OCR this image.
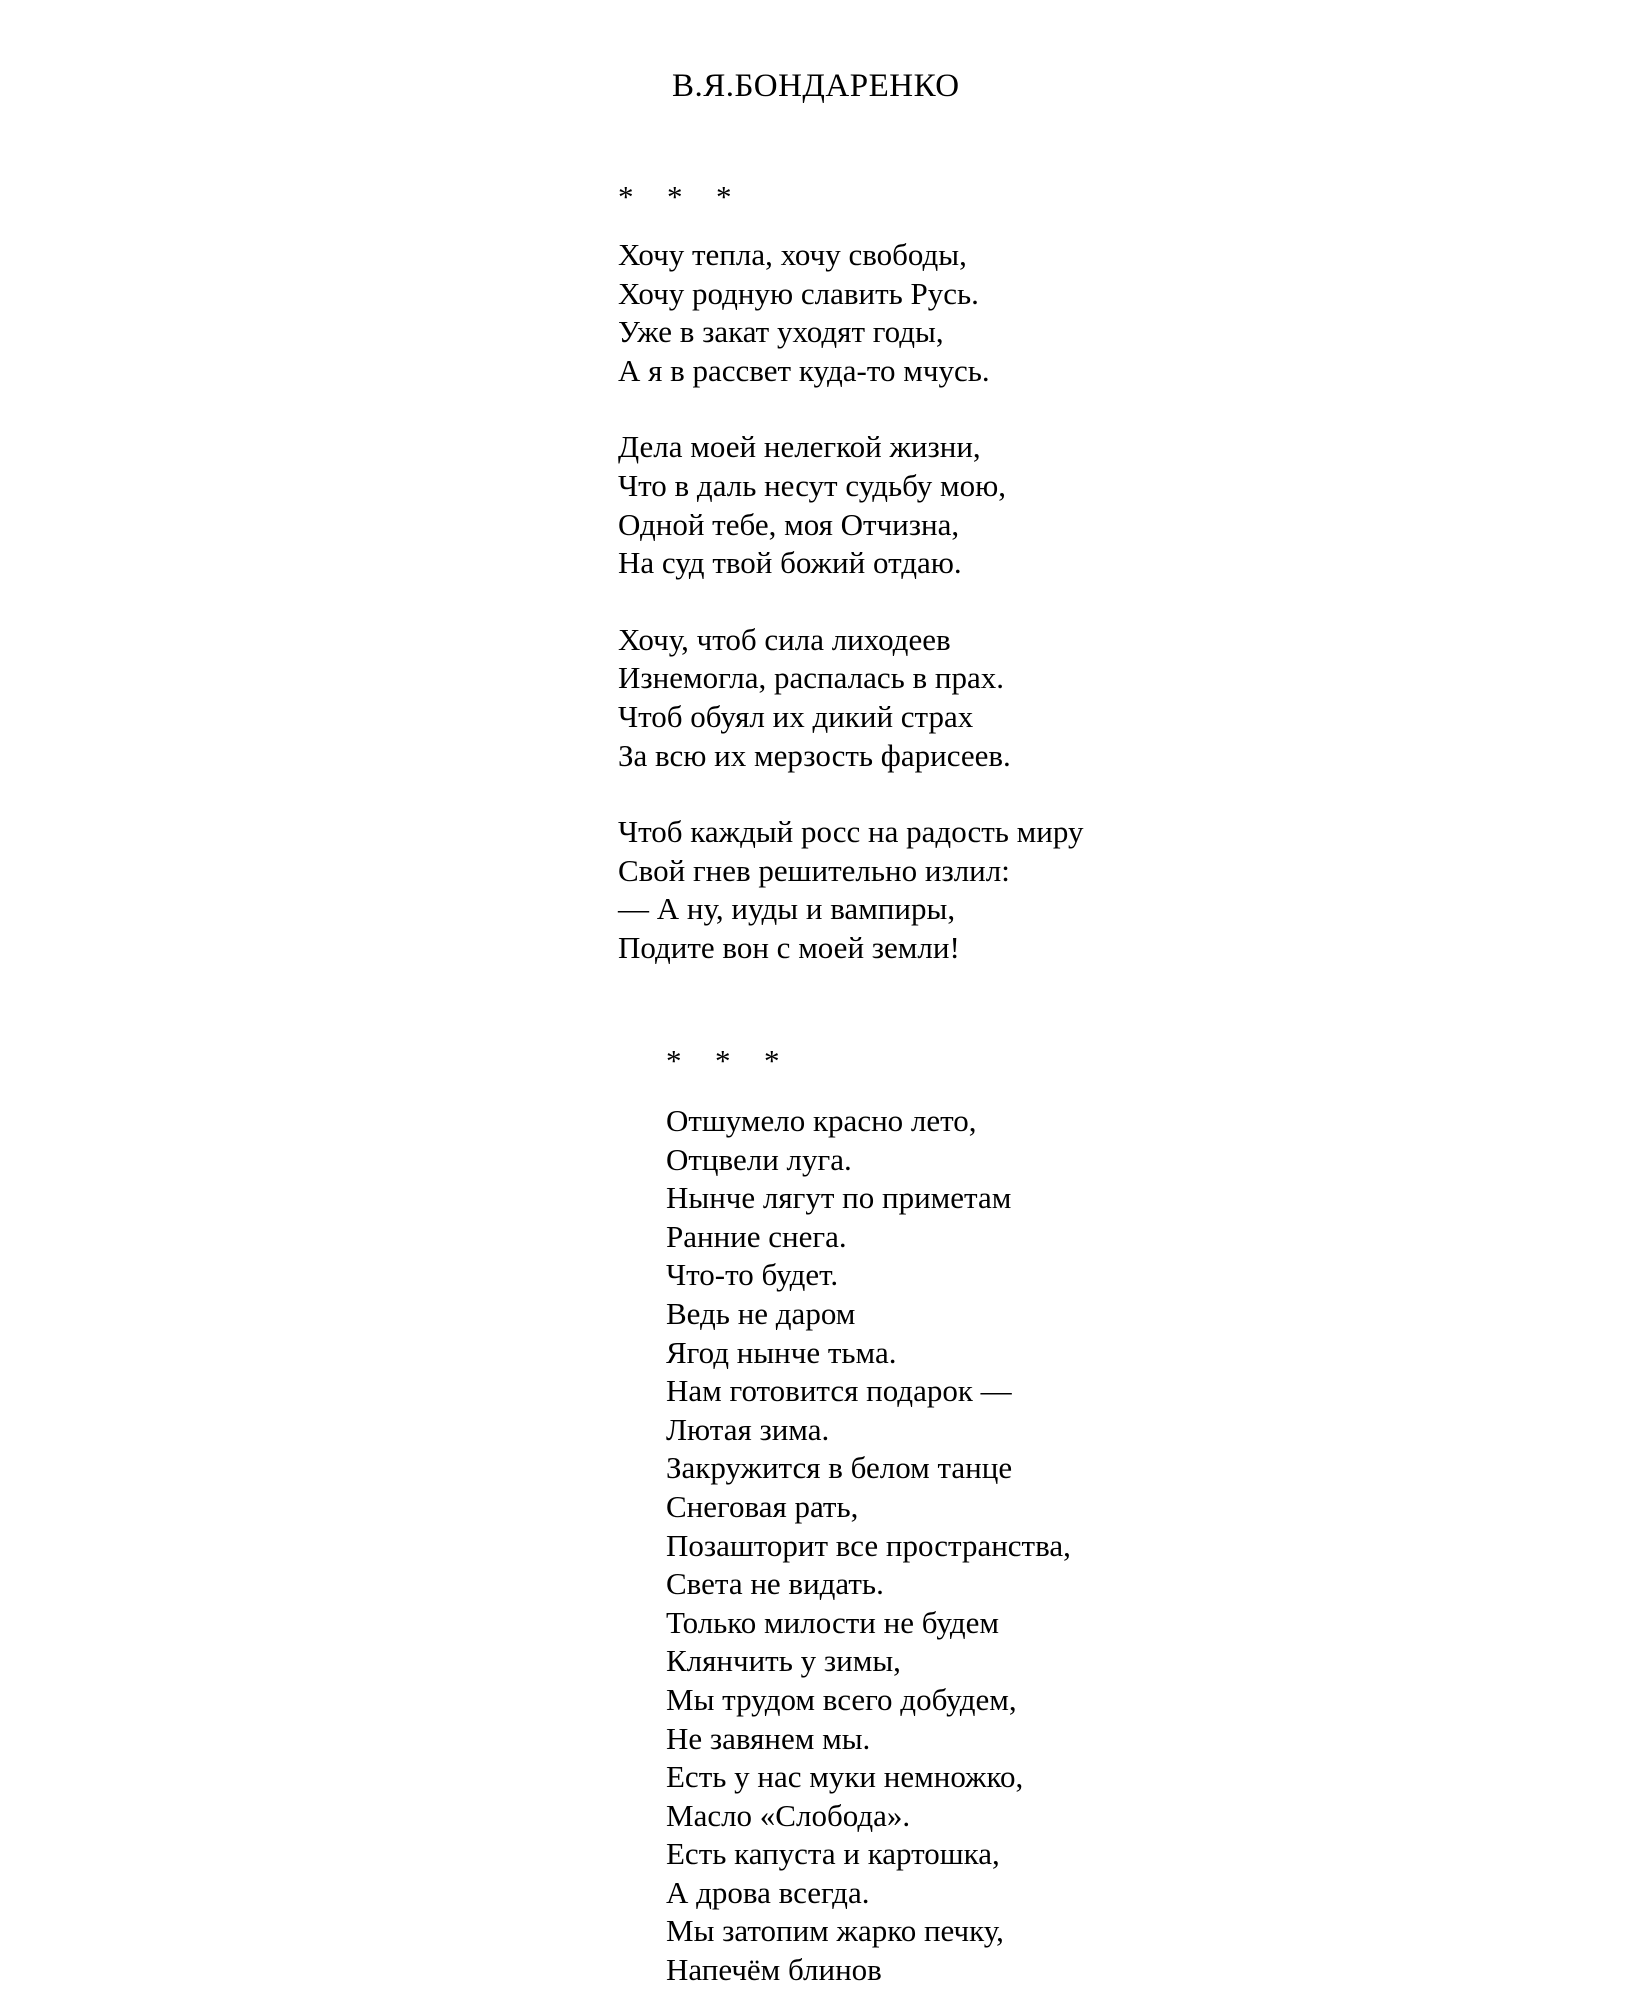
В.Я.БОНДАРЕНКО
* * *
Хочу тепла, хочу свободы,
Хочу родную славить Русь.
Уже в закат уходят годы,
А я в рассвет куда-то мчусь.
Дела моей нелегкой жизни,
Что в даль несут судьбу мою,
Одной тебе, моя Отчизна,
На суд твой божий отдаю.
Хочу, чтоб сила лиходеев
Изнемогла, распалась в прах.
Чтоб обуял их дикий страх
За всю их мерзость фарисеев.
Чтоб каждый росс на радость миру
Свой гнев решительно излил:
— А ну, иуды и вампиры,
Подите вон с моей земли!
* * *
Отшумело красно лето,
Отцвели луга.
Нынче лягут по приметам
Ранние снега.
Что-то будет.
Ведь не даром
Ягод нынче тьма.
Нам готовится подарок —
Лютая зима.
Закружится в белом танце
Снеговая рать,
Позашторит все пространства,
Света не видать.
Только милости не будем
Клянчить у зимы,
Мы трудом всего добудем,
Не завянем мы.
Есть у нас муки немножко,
Масло «Слобода».
Есть капуста и картошка,
А дрова всегда.
Мы затопим жарко печку,
Напечём блинов
